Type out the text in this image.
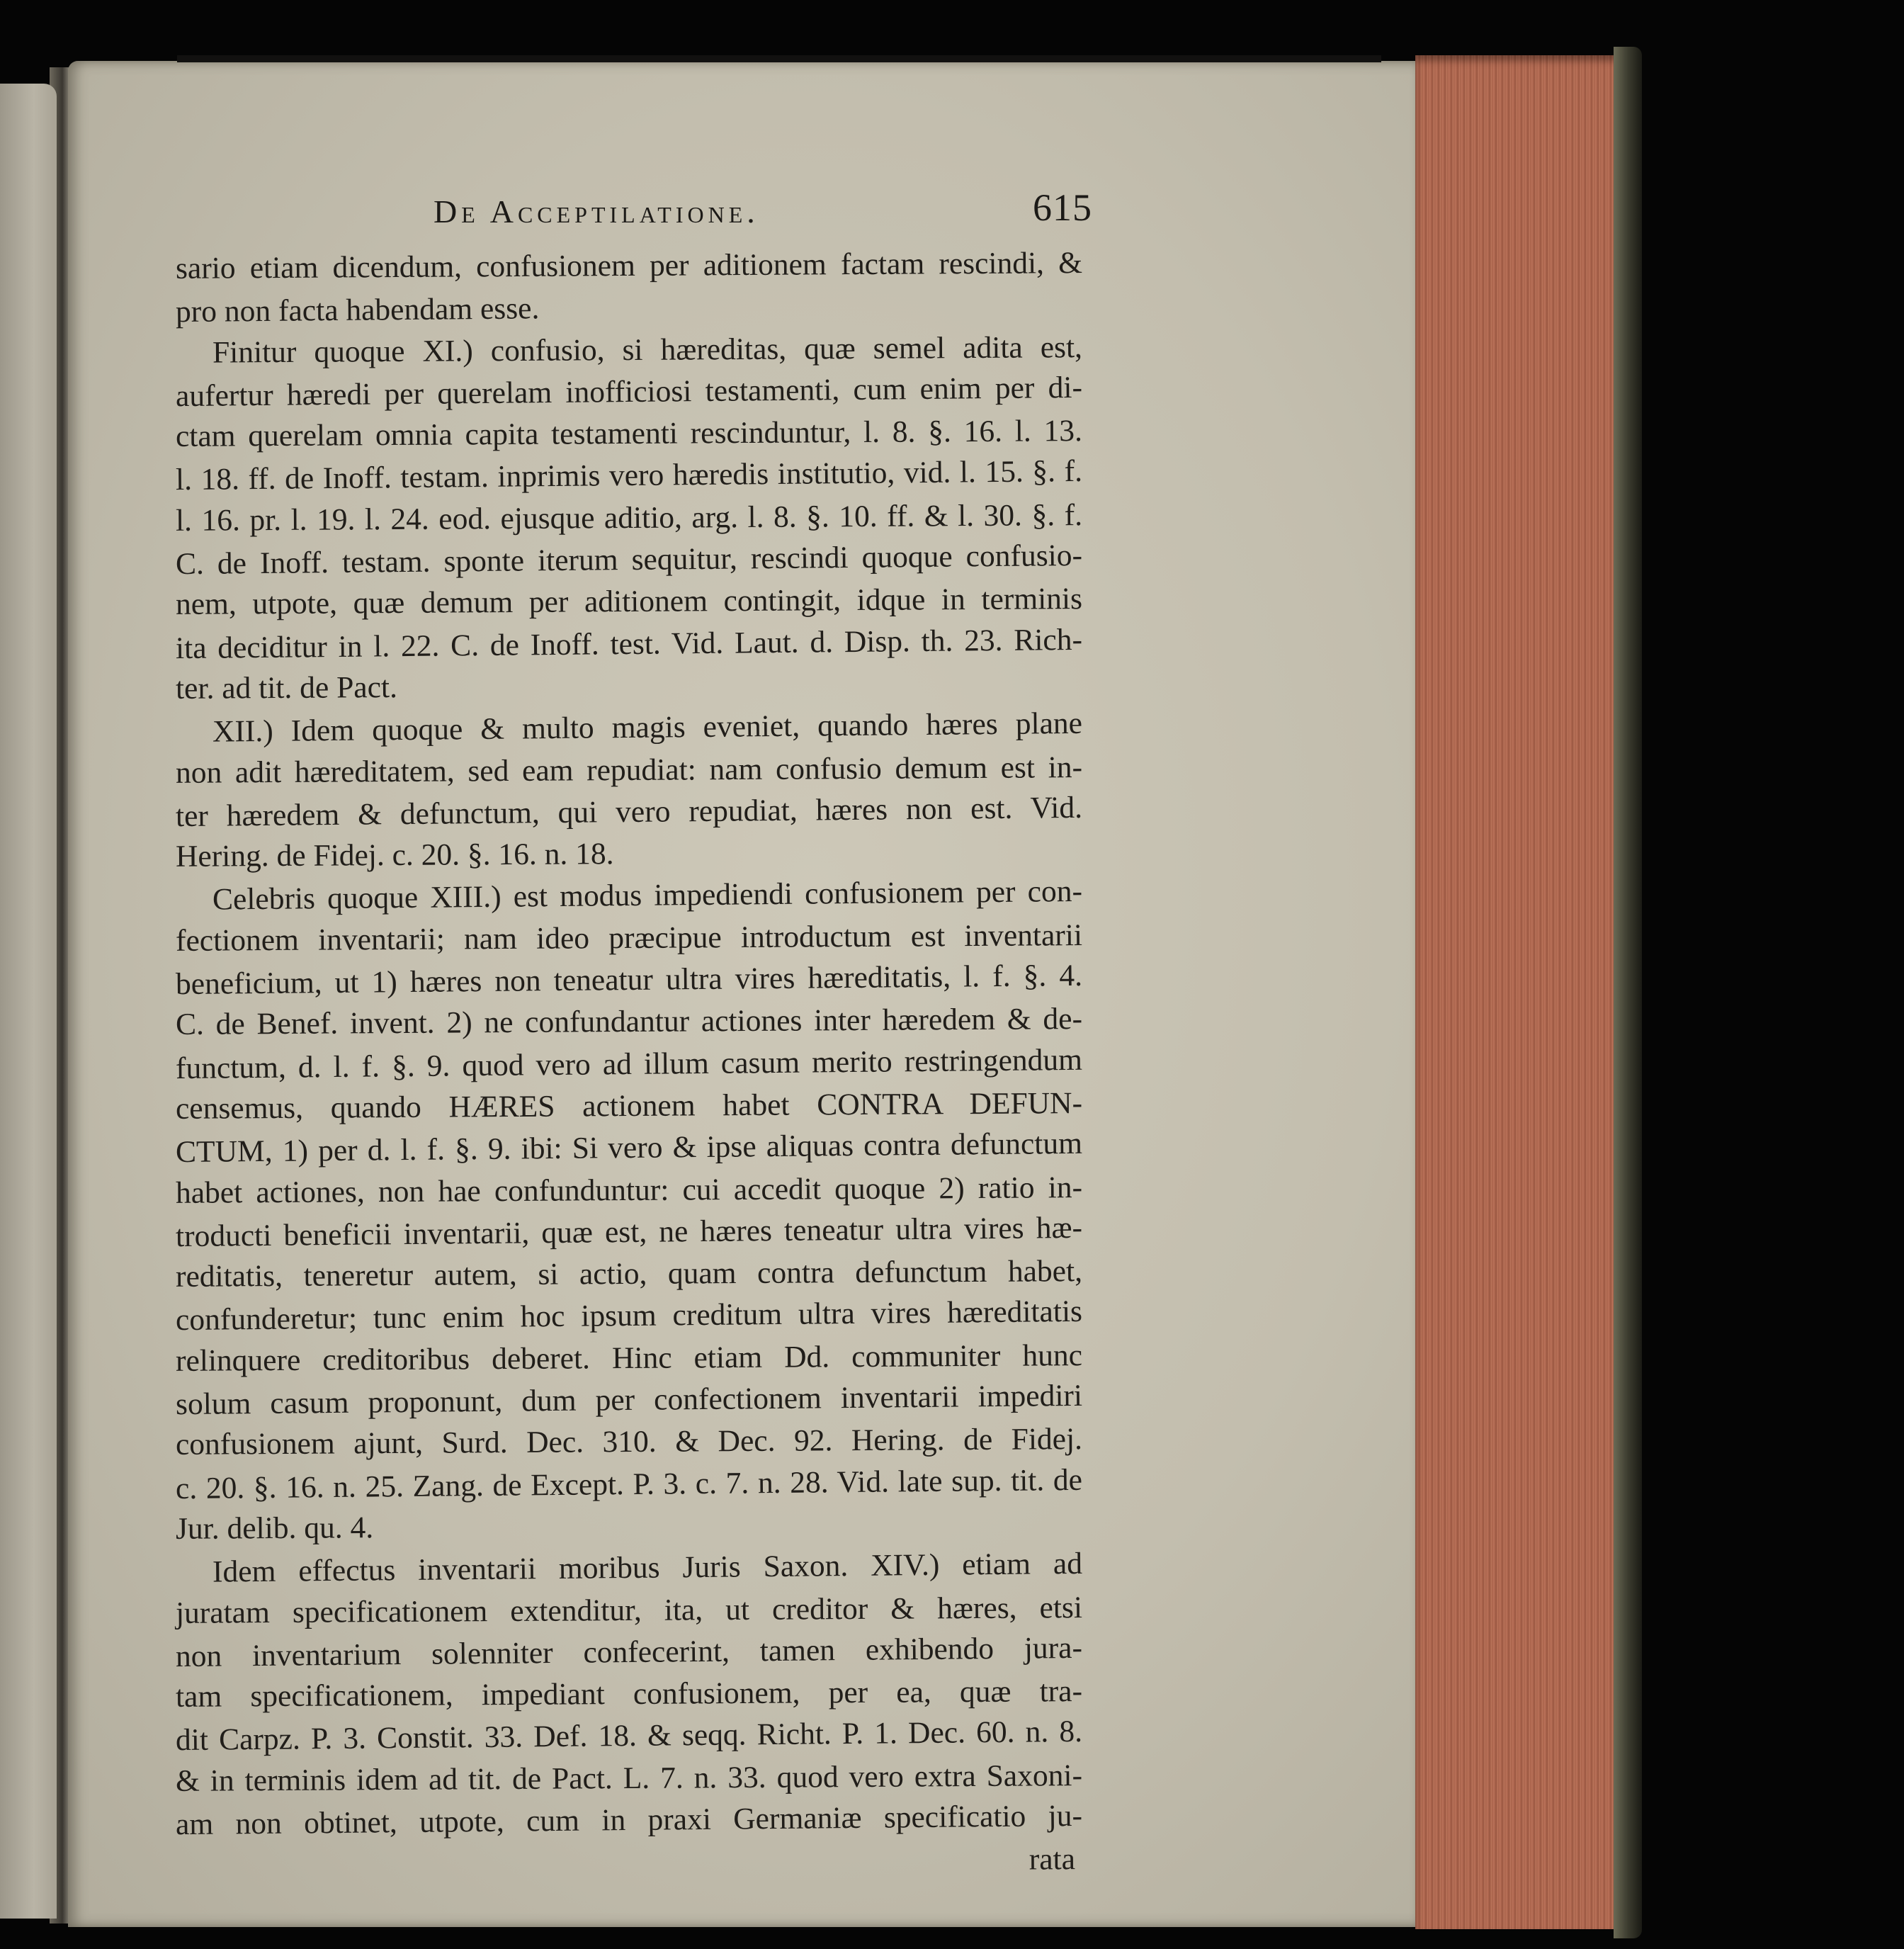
De Acceptilatione.	615
sario etiam dicendum, confusionem per aditionem factam rescindi, &
pro non facta habendam esse.
Finitur quoque XI.) confusio, si hæreditas, quæ semel adita est,
aufertur hæredi per querelam inofficiosi testamenti, cum enim per di-
ctam querelam omnia capita testamenti rescinduntur, l. 8. §. 16. l. 13.
l. 18. ff. de Inoff. testam. inprimis vero hæredis institutio, vid. l. 15. §. f.
l. 16. pr. l. 19. l. 24. eod. ejusque aditio, arg. l. 8. §. 10. ff. & l. 30. §. f.
C. de Inoff. testam. sponte iterum sequitur, rescindi quoque confusio-
nem, utpote, quæ demum per aditionem contingit, idque in terminis
ita deciditur in l. 22. C. de Inoff. test. Vid. Laut. d. Disp. th. 23. Rich-
ter. ad tit. de Pact.
XII.) Idem quoque & multo magis eveniet, quando hæres plane
non adit hæreditatem, sed eam repudiat: nam confusio demum est in-
ter hæredem & defunctum, qui vero repudiat, hæres non est. Vid.
Hering. de Fidej. c. 20. §. 16. n. 18.
Celebris quoque XIII.) est modus impediendi confusionem per con-
fectionem inventarii; nam ideo præcipue introductum est inventarii
beneficium, ut 1) hæres non teneatur ultra vires hæreditatis, l. f. §. 4.
C. de Benef. invent. 2) ne confundantur actiones inter hæredem & de-
functum, d. l. f. §. 9. quod vero ad illum casum merito restringendum
censemus, quando HÆRES actionem habet CONTRA DEFUN-
CTUM, 1) per d. l. f. §. 9. ibi: Si vero & ipse aliquas contra defunctum
habet actiones, non hae confunduntur: cui accedit quoque 2) ratio in-
troducti beneficii inventarii, quæ est, ne hæres teneatur ultra vires hæ-
reditatis, teneretur autem, si actio, quam contra defunctum habet,
confunderetur; tunc enim hoc ipsum creditum ultra vires hæreditatis
relinquere creditoribus deberet. Hinc etiam Dd. communiter hunc
solum casum proponunt, dum per confectionem inventarii impediri
confusionem ajunt, Surd. Dec. 310. & Dec. 92. Hering. de Fidej.
c. 20. §. 16. n. 25. Zang. de Except. P. 3. c. 7. n. 28. Vid. late sup. tit. de
Jur. delib. qu. 4.
Idem effectus inventarii moribus Juris Saxon. XIV.) etiam ad
juratam specificationem extenditur, ita, ut creditor & hæres, etsi
non inventarium solenniter confecerint, tamen exhibendo jura-
tam specificationem, impediant confusionem, per ea, quæ tra-
dit Carpz. P. 3. Constit. 33. Def. 18. & seqq. Richt. P. 1. Dec. 60. n. 8.
& in terminis idem ad tit. de Pact. L. 7. n. 33. quod vero extra Saxoni-
am non obtinet, utpote, cum in praxi Germaniæ specificatio ju-
rata
